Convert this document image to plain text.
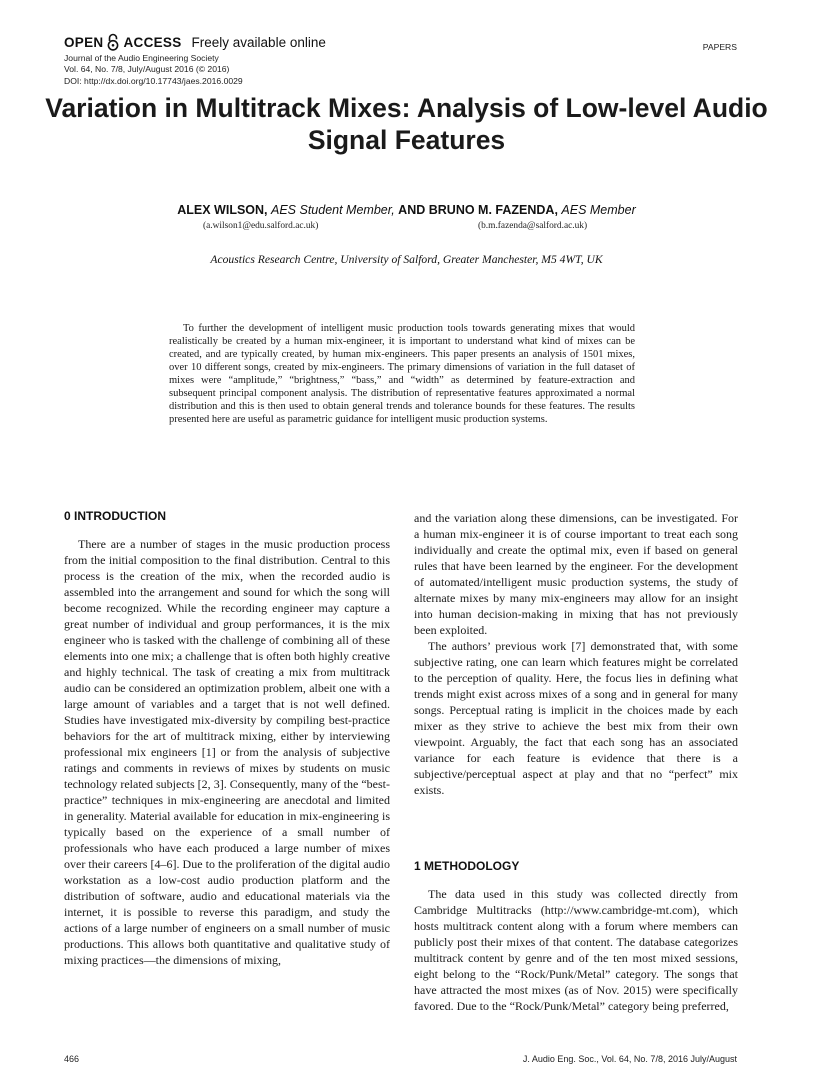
OPEN ACCESS Freely available online
Journal of the Audio Engineering Society
Vol. 64, No. 7/8, July/August 2016 (© 2016)
DOI: http://dx.doi.org/10.17743/jaes.2016.0029
PAPERS
Variation in Multitrack Mixes: Analysis of Low-level Audio Signal Features
ALEX WILSON, AES Student Member, AND BRUNO M. FAZENDA, AES Member
(a.wilson1@edu.salford.ac.uk)	(b.m.fazenda@salford.ac.uk)
Acoustics Research Centre, University of Salford, Greater Manchester, M5 4WT, UK

To further the development of intelligent music production tools towards generating mixes that would realistically be created by a human mix-engineer, it is important to understand what kind of mixes can be created, and are typically created, by human mix-engineers. This paper presents an analysis of 1501 mixes, over 10 different songs, created by mix-engineers. The primary dimensions of variation in the full dataset of mixes were “amplitude,” “brightness,” “bass,” and “width” as determined by feature-extraction and subsequent principal component analysis. The distribution of representative features approximated a normal distribution and this is then used to obtain general trends and tolerance bounds for these features. The results presented here are useful as parametric guidance for intelligent music production systems.

0 INTRODUCTION

There are a number of stages in the music production process from the initial composition to the final distribution. Central to this process is the creation of the mix, when the recorded audio is assembled into the arrangement and sound for which the song will become recognized. While the recording engineer may capture a great number of individual and group performances, it is the mix engineer who is tasked with the challenge of combining all of these elements into one mix; a challenge that is often both highly creative and highly technical. The task of creating a mix from multitrack audio can be considered an optimization problem, albeit one with a large amount of variables and a target that is not well defined. Studies have investigated mix-diversity by compiling best-practice behaviors for the art of multitrack mixing, either by interviewing professional mix engineers [1] or from the analysis of subjective ratings and comments in reviews of mixes by students on music technology related subjects [2, 3]. Consequently, many of the “best-practice” techniques in mix-engineering are anecdotal and limited in generality. Material available for education in mix-engineering is typically based on the experience of a small number of professionals who have each produced a large number of mixes over their careers [4–6]. Due to the proliferation of the digital audio workstation as a low-cost audio production platform and the distribution of software, audio and educational materials via the internet, it is possible to reverse this paradigm, and study the actions of a large number of engineers on a small number of music productions. This allows both quantitative and qualitative study of mixing practices—the dimensions of mixing,

and the variation along these dimensions, can be investigated. For a human mix-engineer it is of course important to treat each song individually and create the optimal mix, even if based on general rules that have been learned by the engineer. For the development of automated/intelligent music production systems, the study of alternate mixes by many mix-engineers may allow for an insight into human decision-making in mixing that has not previously been exploited.

The authors’ previous work [7] demonstrated that, with some subjective rating, one can learn which features might be correlated to the perception of quality. Here, the focus lies in defining what trends might exist across mixes of a song and in general for many songs. Perceptual rating is implicit in the choices made by each mixer as they strive to achieve the best mix from their own viewpoint. Arguably, the fact that each song has an associated variance for each feature is evidence that there is a subjective/perceptual aspect at play and that no “perfect” mix exists.

1 METHODOLOGY

The data used in this study was collected directly from Cambridge Multitracks (http://www.cambridge-mt.com), which hosts multitrack content along with a forum where members can publicly post their mixes of that content. The database categorizes multitrack content by genre and of the ten most mixed sessions, eight belong to the “Rock/Punk/Metal” category. The songs that have attracted the most mixes (as of Nov. 2015) were specifically favored. Due to the “Rock/Punk/Metal” category being preferred,

466	J. Audio Eng. Soc., Vol. 64, No. 7/8, 2016 July/August
